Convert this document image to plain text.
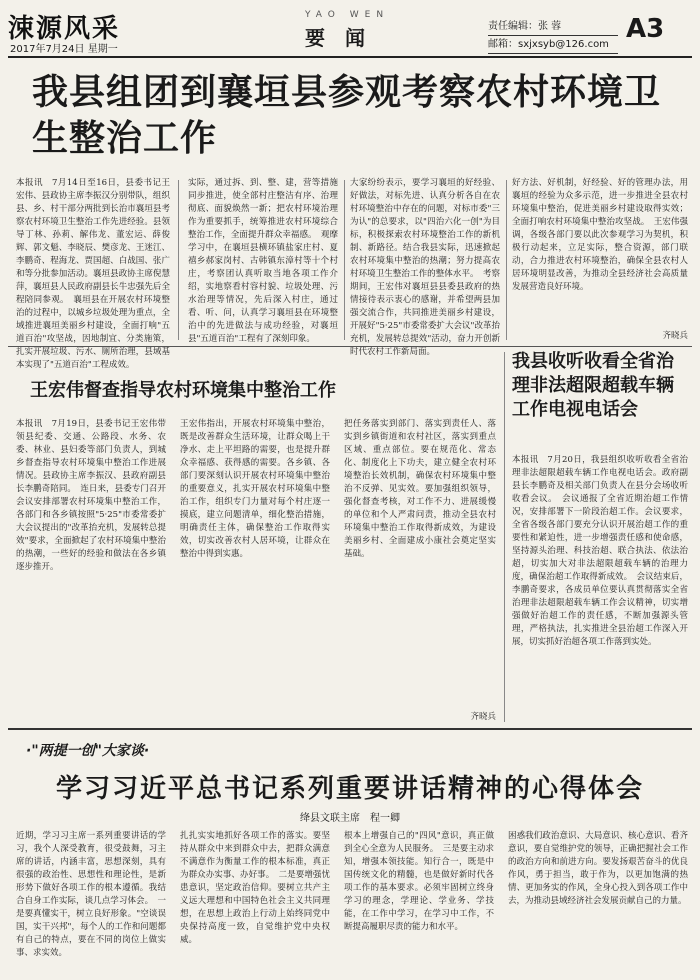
涑源风采
2017年7月24日 星期一
YAO WEN
要闻	责任编辑：张 蓉
邮箱：sxjxsyb@126.com
A3
我县组团到襄垣县参观考察农村环境卫生整治工作
本报讯　7月14日至16日，县委书记王宏伟、县政协主席李振汉分别带队，组织县、乡、村干部分两批到长治市襄垣县考察农村环境卫生整治工作先进经验。县领导丁林、孙莉、解伟龙、董宏运、薛俊辉、郭文魁、李晓辰、樊彦龙、王迷江、李鹏奇、程海龙、贾国超、白战国、张广和等分批参加活动。襄垣县政协主席倪慧萍，襄垣县人民政府副县长牛忠强先后全程陪同参观。　襄垣县在开展农村环境整治的过程中，以城乡垃圾处理为重点，全域推进襄垣美丽乡村建设，全面打响"五道百治"攻坚战，因地制宜、分类施策，扎实开展垃圾、污水、厕所治理，县域基本实现了"五道百治"工程成效。
实际，通过拆、到、整、建，营等措施同步推进，使全部村庄整洁有序、治理彻底、面貌焕然一新；把农村环境治理作为重要抓手，统筹推进农村环境综合整治工作，全面提升群众幸福感。　观摩学习中，在襄垣县横环镇盐家庄村、夏禧乡郝家岗村、古韩镇东漳村等十个村庄，考察团认真听取当地各项工作介绍，实地察看村容村貌、垃圾处理、污水治理等情况，先后深入村庄，通过看、听、问，认真学习襄垣县在环境整治中的先进做法与成功经验，对襄垣县"五道百治"工程有了深刻印象。
大家纷纷表示，要学习襄垣的好经验、好做法，对标先进、认真分析各自在农村环境整治中存在的问题，对标市委"三为认"的总要求，以"四治六化一创"为目标，积极探索农村环境整治工作的新机制、新路径。结合我县实际，迅速掀起农村环境集中整治的热潮；努力提高农村环境卫生整治工作的整体水平。　考察期间，王宏伟对襄垣县县委县政府的热情接待表示衷心的感谢，并希望两县加强交流合作，共同推进美丽乡村建设，开展好"5·25"市委常委扩大会议"改革抬充机，发展转总提效"活动，奋力开创新时代农村工作新局面。
好方法、好机制，好经验、好的管理办法，用襄垣的经验为众多示范，进一步推进全县农村环境集中整治，促进美丽乡村建设取得实效；全面打响农村环境集中整治攻坚战。　王宏伟强调，各级各部门要以此次参观学习为契机，积极行动起来，立足实际，整合资源，部门联动，合力推进农村环境整治，确保全县农村人居环境明显改善，为推动全县经济社会高质量发展营造良好环境。
齐晓兵
王宏伟督查指导农村环境集中整治工作
本报讯　7月19日，县委书记王宏伟带领县纪委、交通、公路段、水务、农委、林业、县妇委等部门负责人，到城乡督查指导农村环境集中整治工作进展情况。县政协主席李振汉、县政府副县长李鹏奇陪同。　连日来，县委专门召开会议安排部署农村环境集中整治工作，各部门和各乡镇按照"5·25"市委常委扩大会议提出的"改革抬充机，发展转总提效"要求，全面掀起了农村环境集中整治的热潮，一些好的经验和做法在各乡镇逐步推开。
王宏伟指出，开展农村环境集中整治，既是改善群众生活环境，让群众喝上干净水、走上平坦路的需要，也是提升群众幸福感、获得感的需要。各乡镇、各部门要深刻认识开展农村环境集中整治的重要意义，扎实开展农村环境集中整治工作，组织专门力量对每个村庄逐一摸底，建立问题清单，细化整治措施，明确责任主体，确保整治工作取得实效，切实改善农村人居环境，让群众在整治中得到实惠。
把任务落实到部门、落实到责任人、落实到乡镇街道和农村社区，落实到重点区域、重点部位。要在规范化、常态化、制度化上下功夫，建立健全农村环境整治长效机制，确保农村环境集中整治不反弹、见实效。要加强组织领导，强化督查考核，对工作不力、进展缓慢的单位和个人严肃问责，推动全县农村环境集中整治工作取得新成效，为建设美丽乡村、全面建成小康社会奠定坚实基础。
齐晓兵
我县收听收看全省治理非法超限超载车辆工作电视电话会
本报讯　7月20日，我县组织收听收看全省治理非法超限超载车辆工作电视电话会。政府副县长李鹏奇及相关部门负责人在县分会场收听收看会议。　会议通报了全省近期治超工作情况，安排部署下一阶段治超工作。会议要求，全省各级各部门要充分认识开展治超工作的重要性和紧迫性，进一步增强责任感和使命感，坚持源头治理、科技治超、联合执法、依法治超，切实加大对非法超限超载车辆的治理力度，确保治超工作取得新成效。　会议结束后，李鹏奇要求，各成员单位要认真贯彻落实全省治理非法超限超载车辆工作会议精神，切实增强做好治超工作的责任感，不断加强源头管理，严格执法，扎实推进全县治超工作深入开展，切实抓好治超各项工作落到实处。
·"两提一创"大家谈·
学习习近平总书记系列重要讲话精神的心得体会
绛县文联主席　程一卿
近期，学习习主席一系列重要讲话的学习，我个人深受教育，很受鼓舞，习主席的讲话，内涵丰富，思想深刻，具有很强的政治性、思想性和理论性，是新形势下做好各项工作的根本遵循。我结合自身工作实际，谈几点学习体会。　一是要真懂实干，树立良好形象。"空谈误国，实干兴邦"，每个人的工作和问题都有自己的特点，要在不同的岗位上做实事、求实效。
扎扎实实地抓好各项工作的落实。要坚持从群众中来到群众中去，把群众满意不满意作为衡量工作的根本标准，真正为群众办实事、办好事。　二是要增强忧患意识，坚定政治信仰。要树立共产主义远大理想和中国特色社会主义共同理想，在思想上政治上行动上始终同党中央保持高度一致，自觉维护党中央权威。
根本上增强自己的"四风"意识，真正做到全心全意为人民服务。　三是要主动求知，增强本领技能。知行合一，既是中国传统文化的精髓，也是做好新时代各项工作的基本要求。必须牢固树立终身学习的理念，学理论、学业务、学技能，在工作中学习，在学习中工作，不断提高履职尽责的能力和水平。
困惑我们政治意识、大局意识、核心意识、看齐意识，要自觉维护党的领导，正确把握社会工作的政治方向和前进方向。要发扬艰苦奋斗的优良作风，勇于担当，敢于作为，以更加饱满的热情、更加务实的作风，全身心投入到各项工作中去，为推动县域经济社会发展贡献自己的力量。
